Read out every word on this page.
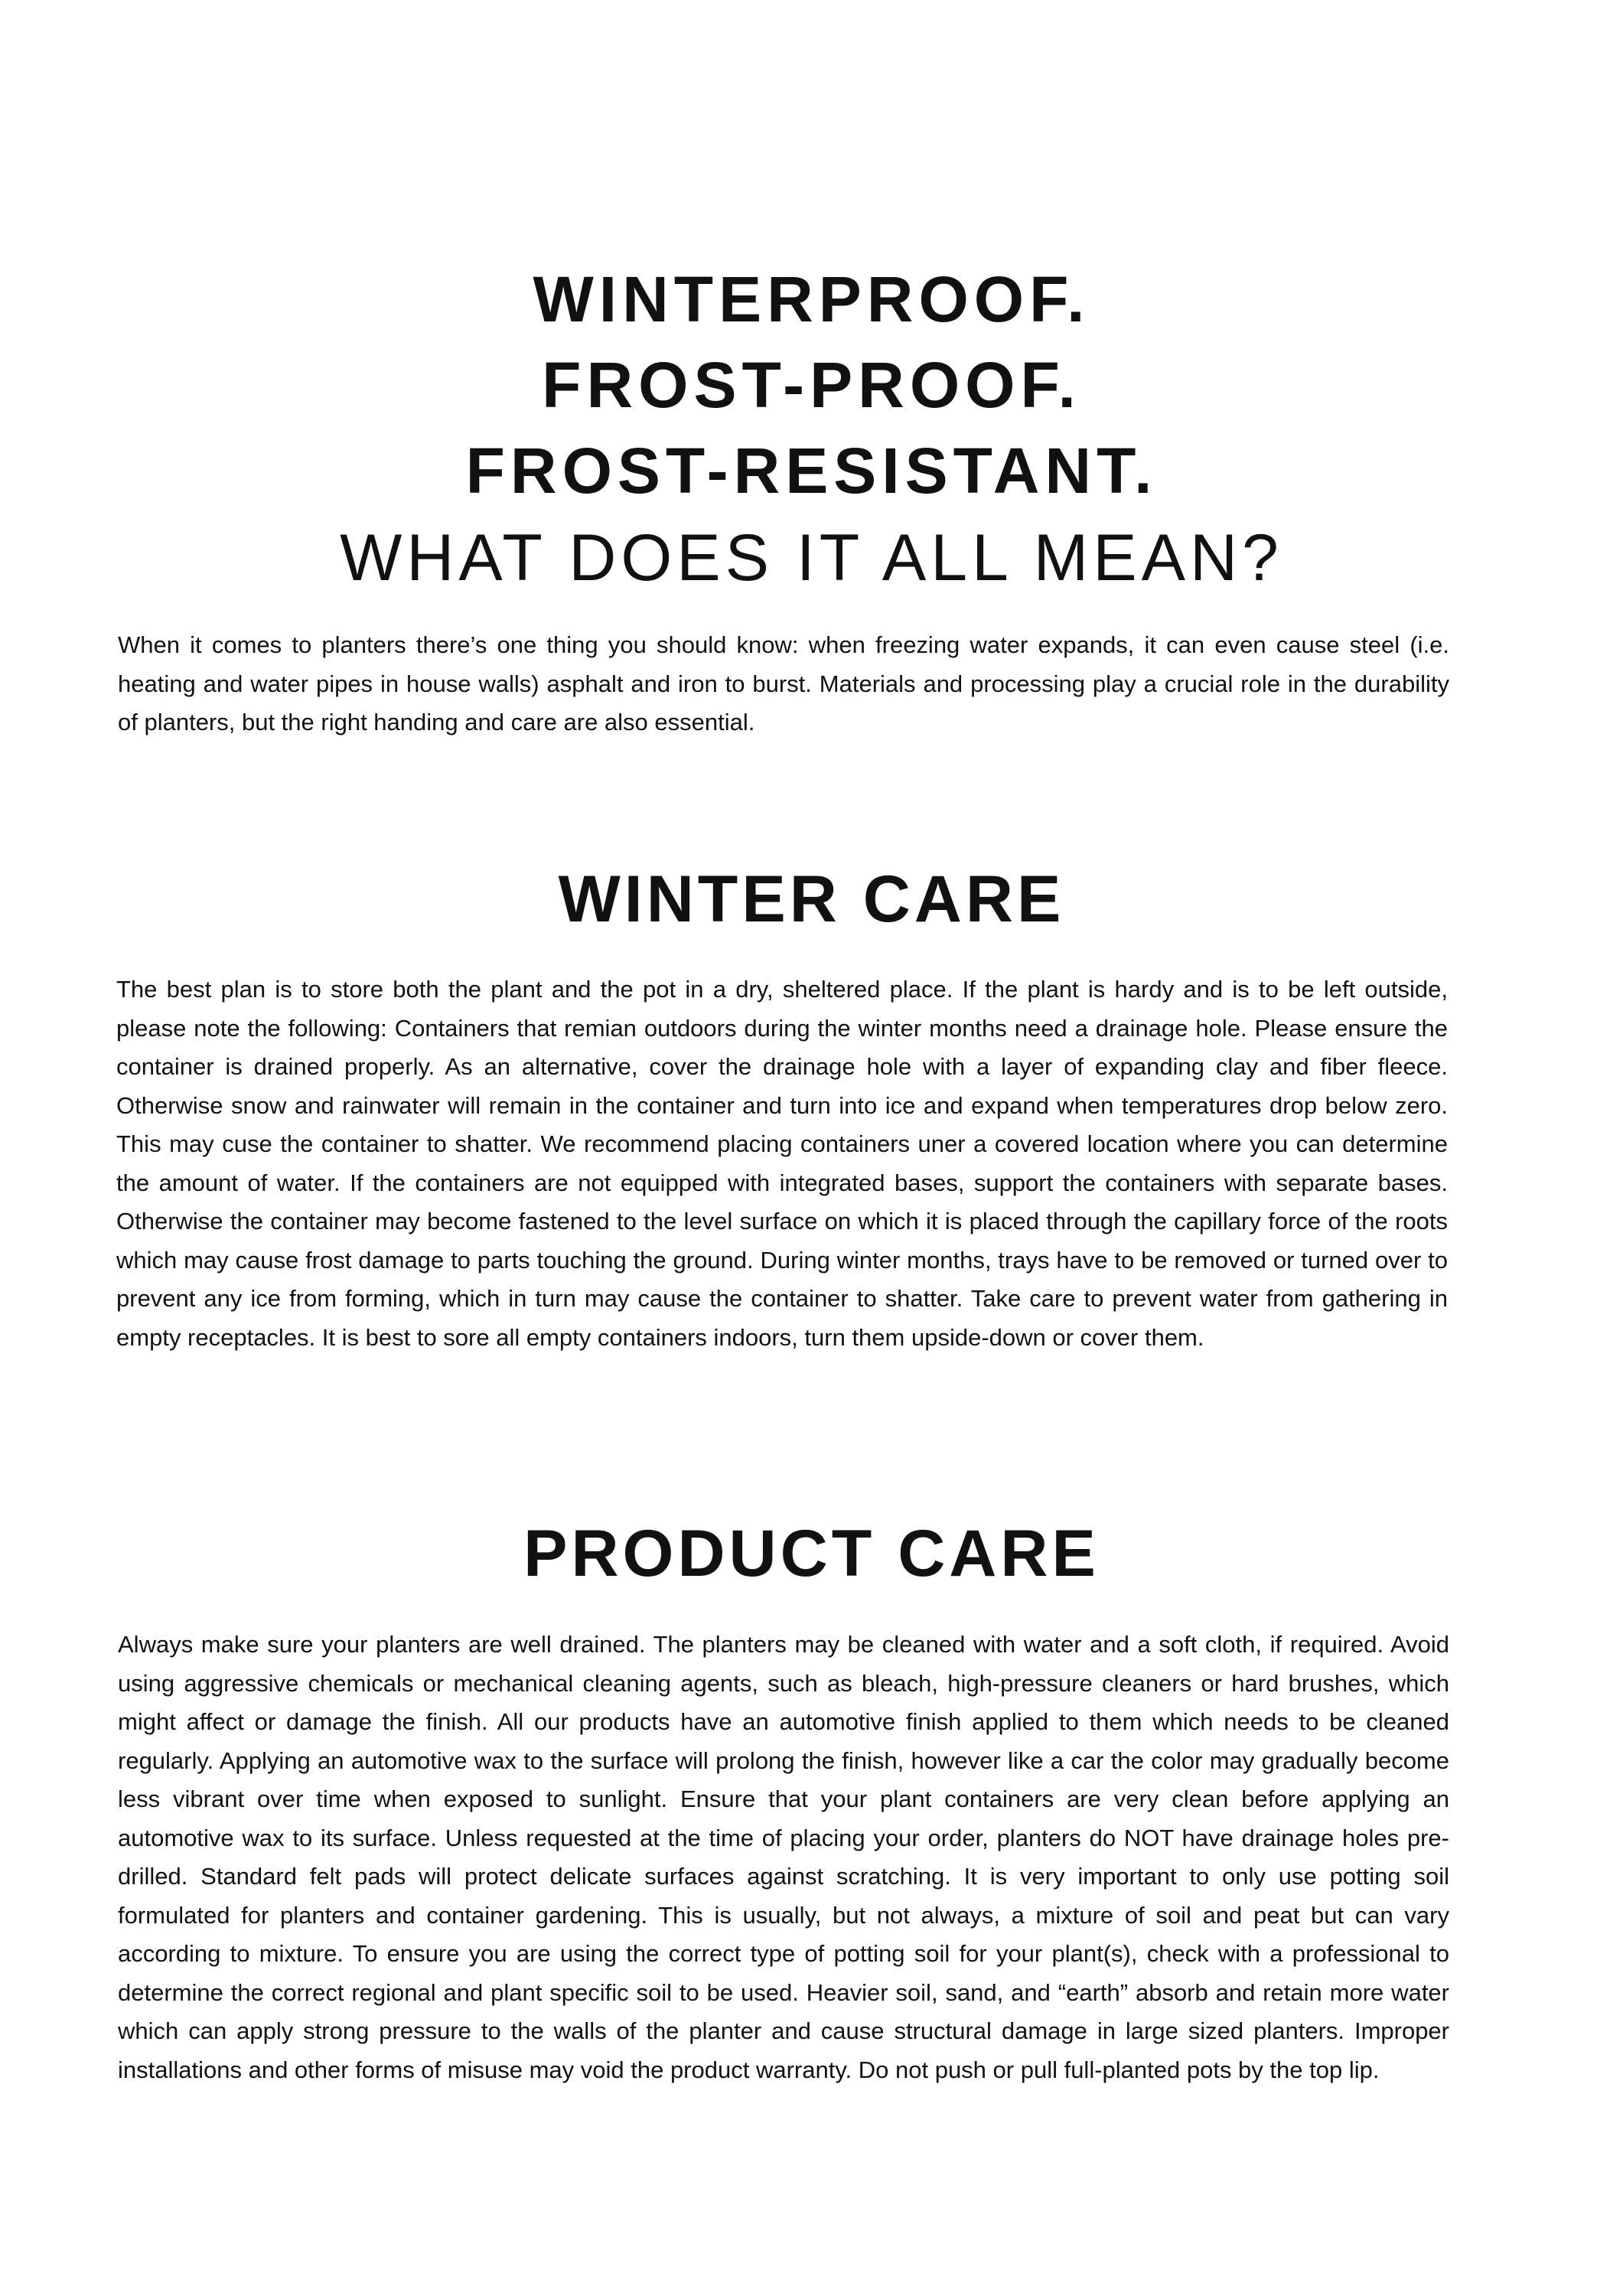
WINTERPROOF.
FROST-PROOF.
FROST-RESISTANT.
WHAT DOES IT ALL MEAN?

When it comes to planters there’s one thing you should know: when freezing water expands, it can even cause steel (i.e. heating and water pipes in house walls) asphalt and iron to burst. Materials and processing play a crucial role in the durability of planters, but the right handing and care are also essential.

WINTER CARE

The best plan is to store both the plant and the pot in a dry, sheltered place. If the plant is hardy and is to be left outside, please note the following: Containers that remian outdoors during the winter months need a drainage hole. Please ensure the container is drained properly. As an alternative, cover the drainage hole with a layer of expanding clay and fiber fleece. Otherwise snow and rainwater will remain in the container and turn into ice and expand when temperatures drop below zero. This may cuse the container to shatter. We recommend placing containers uner a covered location where you can determine the amount of water. If the containers are not equipped with integrated bases, support the containers with separate bases. Otherwise the container may become fastened to the level surface on which it is placed through the capillary force of the roots which may cause frost damage to parts touching the ground. During winter months, trays have to be removed or turned over to prevent any ice from forming, which in turn may cause the container to shatter. Take care to prevent water from gathering in empty receptacles. It is best to sore all empty containers indoors, turn them upside-down or cover them.

PRODUCT CARE

Always make sure your planters are well drained. The planters may be cleaned with water and a soft cloth, if required. Avoid using aggressive chemicals or mechanical cleaning agents, such as bleach, high-pressure cleaners or hard brushes, which might affect or damage the finish. All our products have an automotive finish applied to them which needs to be cleaned regularly. Applying an automotive wax to the surface will prolong the finish, however like a car the color may gradually become less vibrant over time when exposed to sunlight. Ensure that your plant containers are very clean before applying an automotive wax to its surface. Unless requested at the time of placing your order, planters do NOT have drainage holes pre-drilled. Standard felt pads will protect delicate surfaces against scratching. It is very important to only use potting soil formulated for planters and container gardening. This is usually, but not always, a mixture of soil and peat but can vary according to mixture. To ensure you are using the correct type of potting soil for your plant(s), check with a professional to determine the correct regional and plant specific soil to be used. Heavier soil, sand, and “earth” absorb and retain more water which can apply strong pressure to the walls of the planter and cause structural damage in large sized planters. Improper installations and other forms of misuse may void the product warranty. Do not push or pull full-planted pots by the top lip.
